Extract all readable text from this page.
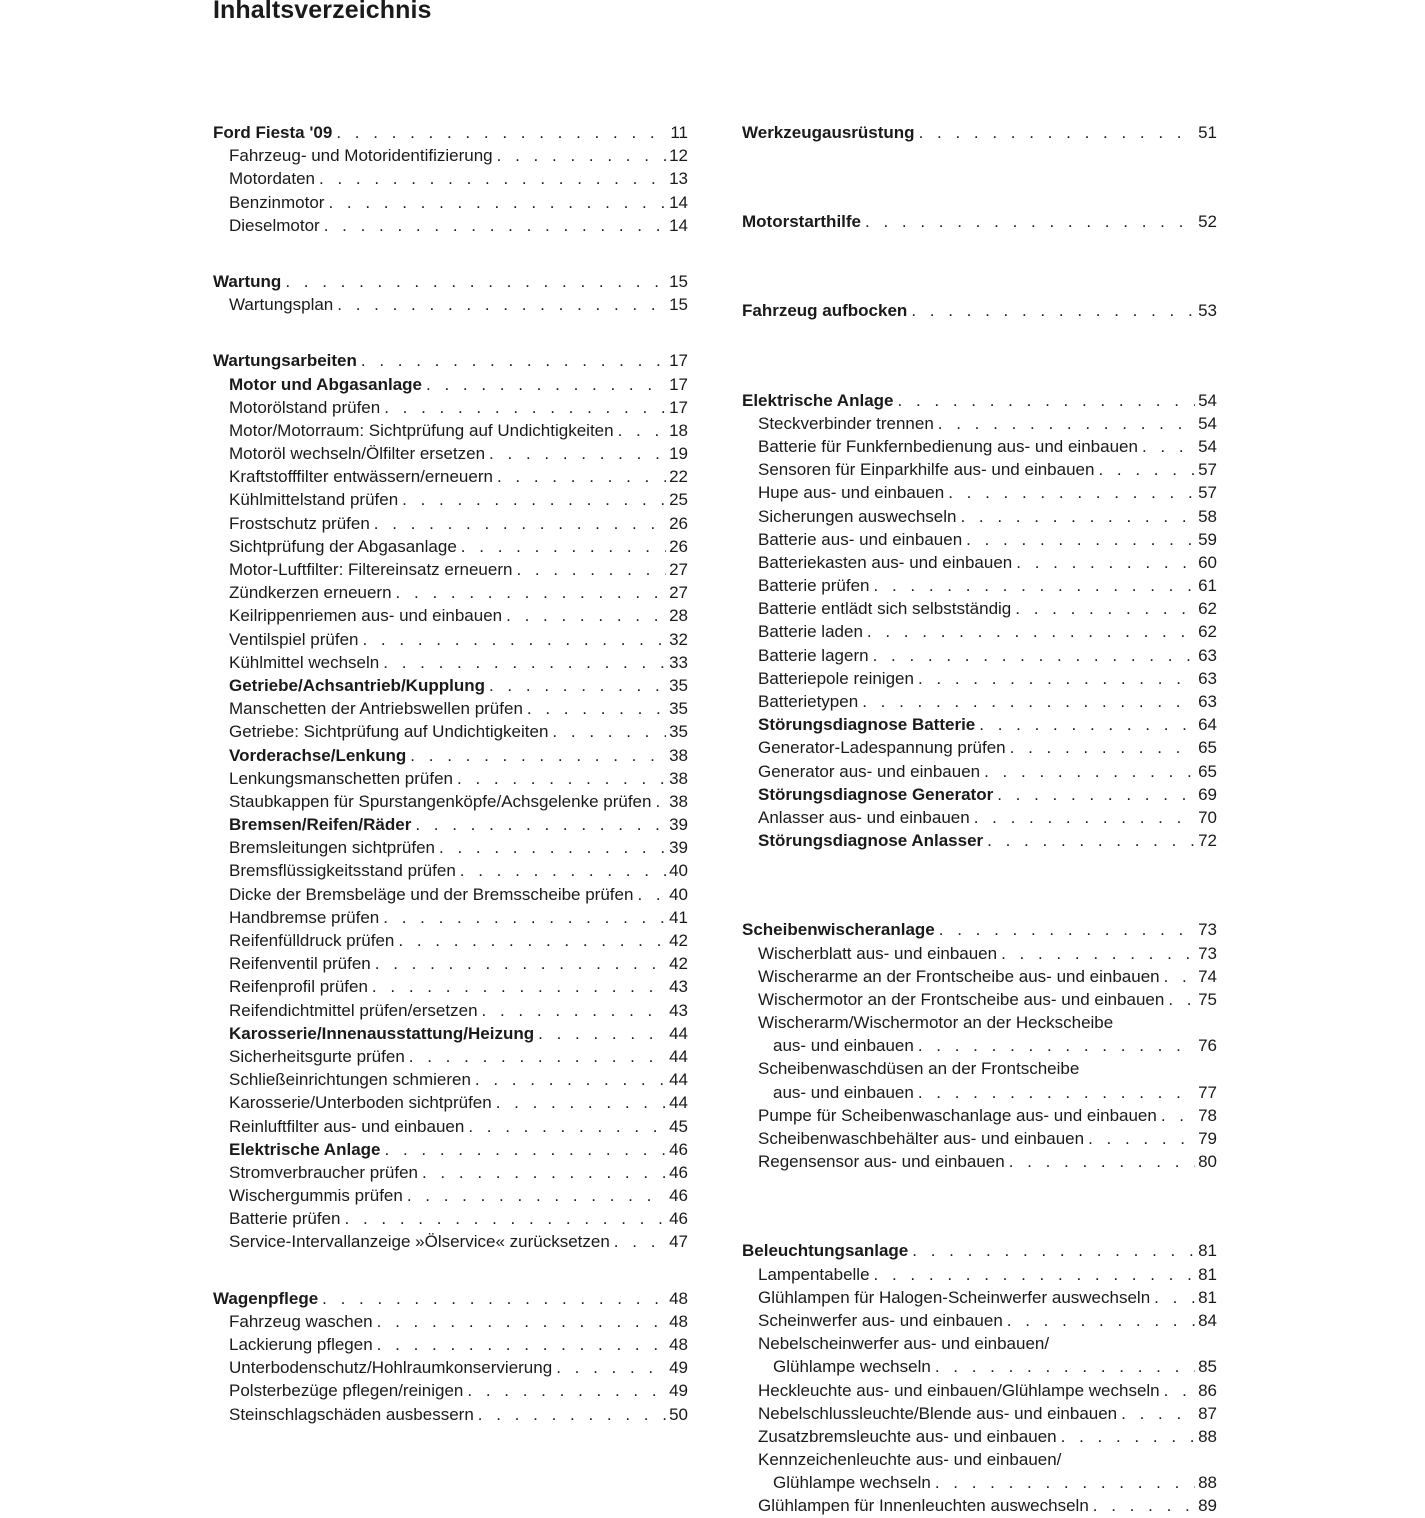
Inhaltsverzeichnis
Ford Fiesta '09 . . .	11
Fahrzeug- und Motoridentifizierung . . .	12
Motordaten . . .	13
Benzinmotor . . .	14
Dieselmotor . . .	14
Wartung . . .	15
Wartungsplan . . .	15
Wartungsarbeiten . . .	17
Motor und Abgasanlage . . .	17
Motorölstand prüfen . . .	17
Motor/Motorraum: Sichtprüfung auf Undichtigkeiten . . .	18
Motoröl wechseln/Ölfilter ersetzen . . .	19
Kraftstofffilter entwässern/erneuern . . .	22
Kühlmittelstand prüfen . . .	25
Frostschutz prüfen . . .	26
Sichtprüfung der Abgasanlage . . .	26
Motor-Luftfilter: Filtereinsatz erneuern . . .	27
Zündkerzen erneuern . . .	27
Keilrippenriemen aus- und einbauen . . .	28
Ventilspiel prüfen . . .	32
Kühlmittel wechseln . . .	33
Getriebe/Achsantrieb/Kupplung . . .	35
Manschetten der Antriebswellen prüfen . . .	35
Getriebe: Sichtprüfung auf Undichtigkeiten . . .	35
Vorderachse/Lenkung . . .	38
Lenkungsmanschetten prüfen . . .	38
Staubkappen für Spurstangenköpfe/Achsgelenke prüfen . . . 38
Bremsen/Reifen/Räder . . .	39
Bremsleitungen sichtprüfen . . .	39
Bremsflüssigkeitsstand prüfen . . .	40
Dicke der Bremsbeläge und der Bremsscheibe prüfen . . . 40
Handbremse prüfen . . .	41
Reifenfülldruck prüfen . . .	42
Reifenventil prüfen . . .	42
Reifenprofil prüfen . . .	43
Reifendichtmittel prüfen/ersetzen . . .	43
Karosserie/Innenausstattung/Heizung . . .	44
Sicherheitsgurte prüfen . . .	44
Schließeinrichtungen schmieren . . .	44
Karosserie/Unterboden sichtprüfen . . .	44
Reinluftfilter aus- und einbauen . . .	45
Elektrische Anlage . . .	46
Stromverbraucher prüfen . . .	46
Wischergummis prüfen . . .	46
Batterie prüfen . . .	46
Service-Intervallanzeige »Ölservice« zurücksetzen . . .	47
Wagenpflege . . .	48
Fahrzeug waschen . . .	48
Lackierung pflegen . . .	48
Unterbodenschutz/Hohlraumkonservierung . . .	49
Polsterbezüge pflegen/reinigen . . .	49
Steinschlagschäden ausbessern . . .	50
Werkzeugausrüstung . . .	51
Motorstarthilfe . . .	52
Fahrzeug aufbocken . . .	53
Elektrische Anlage . . .	54
Steckverbinder trennen . . .	54
Batterie für Funkfernbedienung aus- und einbauen . . .	54
Sensoren für Einparkhilfe aus- und einbauen . . .	57
Hupe aus- und einbauen . . .	57
Sicherungen auswechseln . . .	58
Batterie aus- und einbauen . . .	59
Batteriekasten aus- und einbauen . . .	60
Batterie prüfen . . .	61
Batterie entlädt sich selbstständig . . .	62
Batterie laden . . .	62
Batterie lagern . . .	63
Batteriepole reinigen . . .	63
Batterietypen . . .	63
Störungsdiagnose Batterie . . .	64
Generator-Ladespannung prüfen . . .	65
Generator aus- und einbauen . . .	65
Störungsdiagnose Generator . . .	69
Anlasser aus- und einbauen . . .	70
Störungsdiagnose Anlasser . . .	72
Scheibenwischeranlage . . .	73
Wischerblatt aus- und einbauen . . .	73
Wischerarme an der Frontscheibe aus- und einbauen . . . 74
Wischermotor an der Frontscheibe aus- und einbauen . . . 75
Wischerarm/Wischermotor an der Heckscheibe
aus- und einbauen . . .	76
Scheibenwaschdüsen an der Frontscheibe
aus- und einbauen . . .	77
Pumpe für Scheibenwaschanlage aus- und einbauen . . . 78
Scheibenwaschbehälter aus- und einbauen . . .	79
Regensensor aus- und einbauen . . .	80
Beleuchtungsanlage . . .	81
Lampentabelle . . .	81
Glühlampen für Halogen-Scheinwerfer auswechseln . . .	81
Scheinwerfer aus- und einbauen . . .	84
Nebelscheinwerfer aus- und einbauen/
Glühlampe wechseln . . .	85
Heckleuchte aus- und einbauen/Glühlampe wechseln . . . 86
Nebelschlussleuchte/Blende aus- und einbauen . . .	87
Zusatzbremsleuchte aus- und einbauen . . .	88
Kennzeichenleuchte aus- und einbauen/
Glühlampe wechseln . . .	88
Glühlampen für Innenleuchten auswechseln . . .	89
